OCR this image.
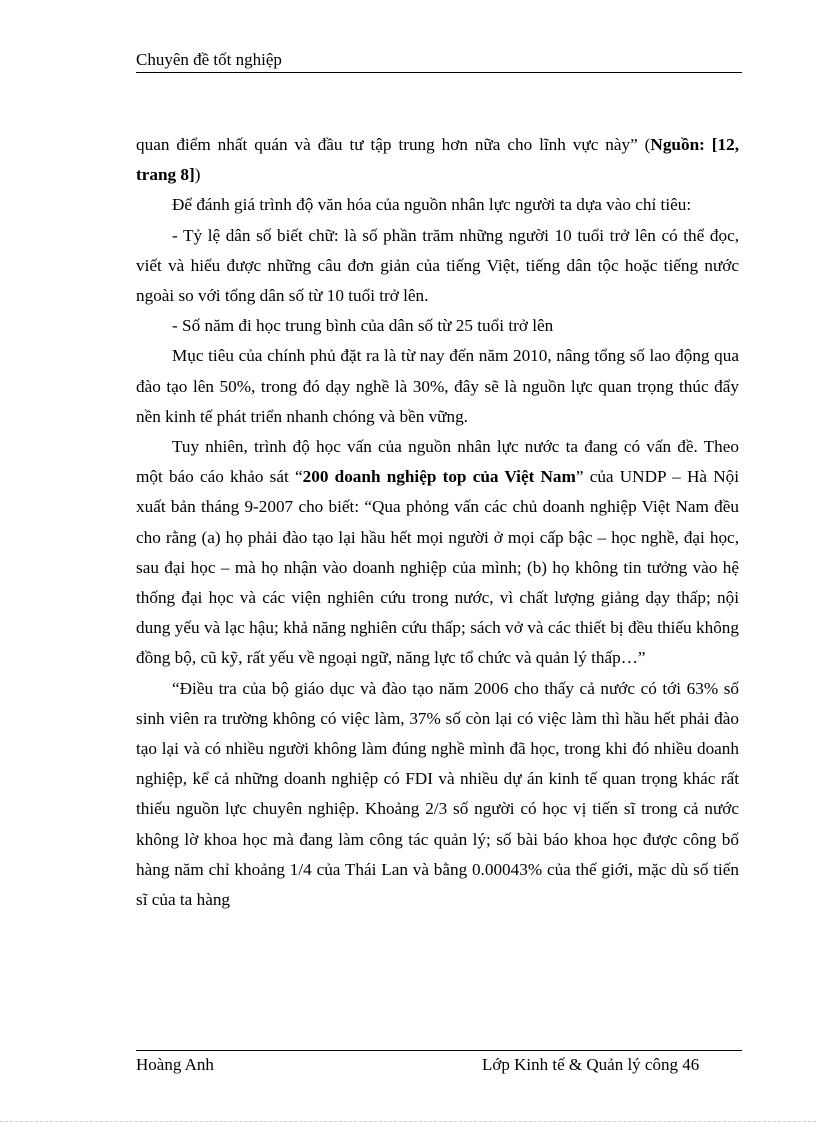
Chuyên đề tốt nghiệp

quan điểm nhất quán và đầu tư tập trung hơn nữa cho lĩnh vực này” (Nguồn: [12, trang 8])

Để đánh giá trình độ văn hóa của nguồn nhân lực người ta dựa vào chỉ tiêu:

- Tỷ lệ dân số biết chữ: là số phần trăm những người 10 tuổi trở lên có thể đọc, viết và hiểu được những câu đơn giản của tiếng Việt, tiếng dân tộc hoặc tiếng nước ngoài so với tổng dân số từ 10 tuổi trở lên.

- Số năm đi học trung bình của dân số từ 25 tuổi trở lên

Mục tiêu của chính phủ đặt ra là từ nay đến năm 2010, nâng tổng số lao động qua đào tạo lên 50%, trong đó dạy nghề là 30%, đây sẽ là nguồn lực quan trọng thúc đẩy nền kinh tế phát triển nhanh chóng và bền vững.

Tuy nhiên, trình độ học vấn của nguồn nhân lực nước ta đang có vấn đề. Theo một báo cáo khảo sát “200 doanh nghiệp top của Việt Nam” của UNDP – Hà Nội xuất bản tháng 9-2007 cho biết: “Qua phỏng vấn các chủ doanh nghiệp Việt Nam đều cho rằng (a) họ phải đào tạo lại hầu hết mọi người ở mọi cấp bậc – học nghề, đại học, sau đại học – mà họ nhận vào doanh nghiệp của mình; (b) họ không tin tưởng vào hệ thống đại học và các viện nghiên cứu trong nước, vì chất lượng giảng dạy thấp; nội dung yếu và lạc hậu; khả năng nghiên cứu thấp; sách vở và các thiết bị đều thiếu không đồng bộ, cũ kỹ, rất yếu về ngoại ngữ, năng lực tổ chức và quản lý thấp…”

“Điều tra của bộ giáo dục và đào tạo năm 2006 cho thấy cả nước có tới 63% số sinh viên ra trường không có việc làm, 37% số còn lại có việc làm thì hầu hết phải đào tạo lại và có nhiều người không làm đúng nghề mình đã học, trong khi đó nhiều doanh nghiệp, kể cả những doanh nghiệp có FDI và nhiều dự án kinh tế quan trọng khác rất thiếu nguồn lực chuyên nghiệp. Khoảng 2/3 số người có học vị tiến sĩ trong cả nước không lờ khoa học mà đang làm công tác quản lý; số bài báo khoa học được công bố hàng năm chỉ khoảng 1/4 của Thái Lan và bằng 0.00043% của thế giới, mặc dù số tiến sĩ của ta hàng

Hoàng Anh	Lớp Kinh tế & Quản lý công 46
